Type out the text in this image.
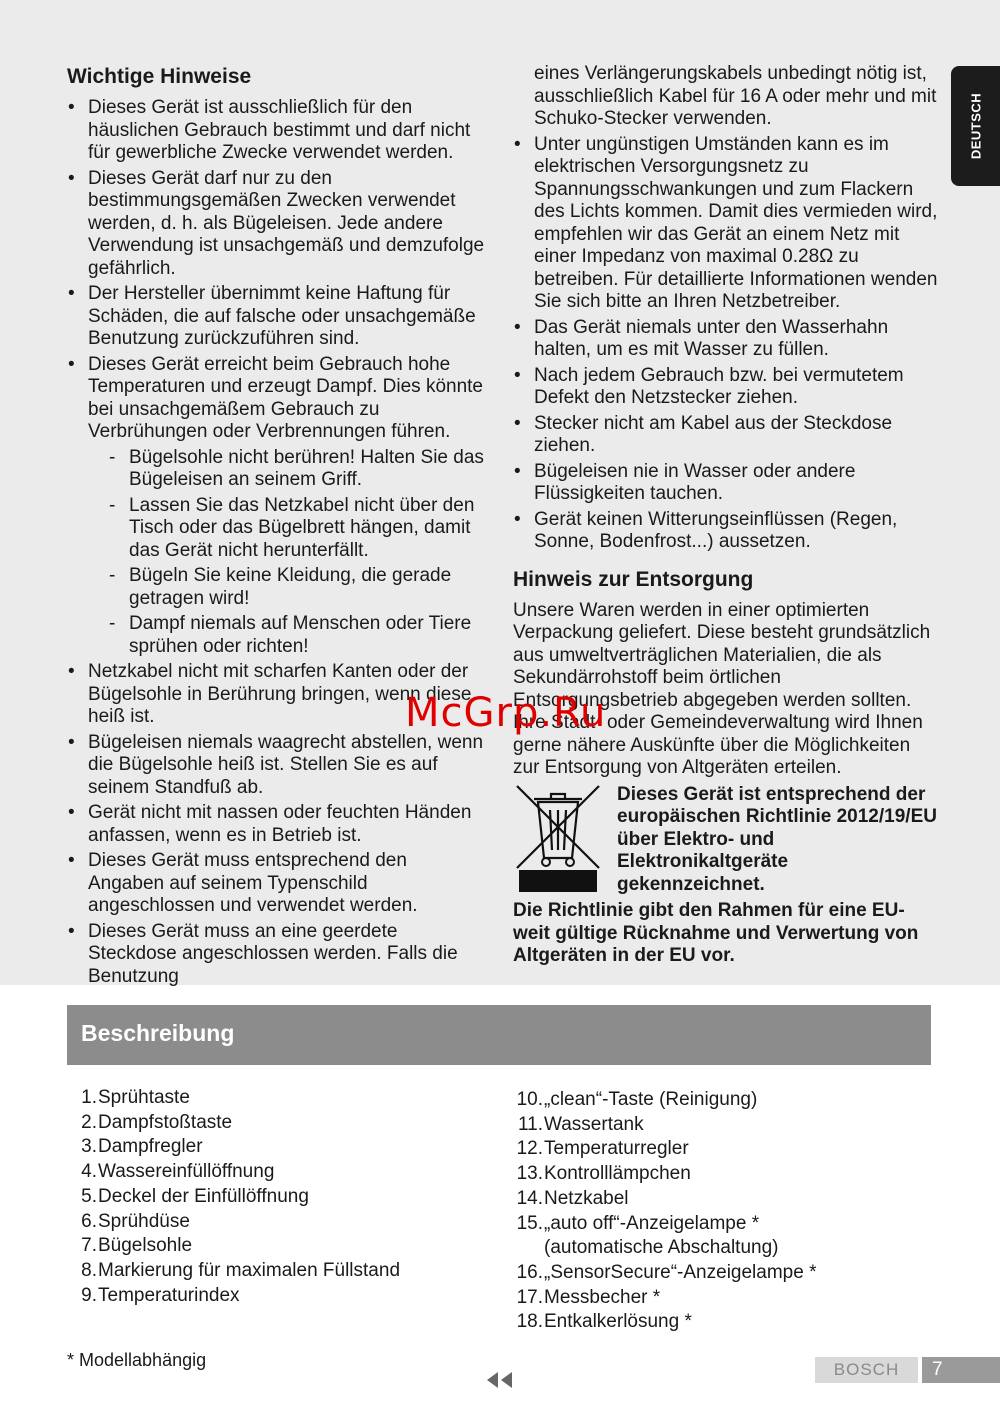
DEUTSCH
Wichtige Hinweise
• Dieses Gerät ist ausschließlich für den häuslichen Gebrauch bestimmt und darf nicht für gewerbliche Zwecke verwendet werden.
• Dieses Gerät darf nur zu den bestimmungsgemäßen Zwecken verwendet werden, d. h. als Bügeleisen. Jede andere Verwendung ist unsachgemäß und demzufolge gefährlich.
• Der Hersteller übernimmt keine Haftung für Schäden, die auf falsche oder unsachgemäße Benutzung zurückzuführen sind.
• Dieses Gerät erreicht beim Gebrauch hohe Temperaturen und erzeugt Dampf. Dies könnte bei unsachgemäßem Gebrauch zu Verbrühungen oder Verbrennungen führen.
- Bügelsohle nicht berühren! Halten Sie das Bügeleisen an seinem Griff.
- Lassen Sie das Netzkabel nicht über den Tisch oder das Bügelbrett hängen, damit das Gerät nicht herunterfällt.
- Bügeln Sie keine Kleidung, die gerade getragen wird!
- Dampf niemals auf Menschen oder Tiere sprühen oder richten!
• Netzkabel nicht mit scharfen Kanten oder der Bügelsohle in Berührung bringen, wenn diese heiß ist.
• Bügeleisen niemals waagrecht abstellen, wenn die Bügelsohle heiß ist. Stellen Sie es auf seinem Standfuß ab.
• Gerät nicht mit nassen oder feuchten Händen anfassen, wenn es in Betrieb ist.
• Dieses Gerät muss entsprechend den Angaben auf seinem Typenschild angeschlossen und verwendet werden.
• Dieses Gerät muss an eine geerdete Steckdose angeschlossen werden. Falls die Benutzung
eines Verlängerungskabels unbedingt nötig ist, ausschließlich Kabel für 16 A oder mehr und mit Schuko-Stecker verwenden.
• Unter ungünstigen Umständen kann es im elektrischen Versorgungsnetz zu Spannungsschwankungen und zum Flackern des Lichts kommen. Damit dies vermieden wird, empfehlen wir das Gerät an einem Netz mit einer Impedanz von maximal 0.28Ω zu betreiben. Für detaillierte Informationen wenden Sie sich bitte an Ihren Netzbetreiber.
• Das Gerät niemals unter den Wasserhahn halten, um es mit Wasser zu füllen.
• Nach jedem Gebrauch bzw. bei vermutetem Defekt den Netzstecker ziehen.
• Stecker nicht am Kabel aus der Steckdose ziehen.
• Bügeleisen nie in Wasser oder andere Flüssigkeiten tauchen.
• Gerät keinen Witterungseinflüssen (Regen, Sonne, Bodenfrost...) aussetzen.
Hinweis zur Entsorgung

Unsere Waren werden in einer optimierten Verpackung geliefert. Diese besteht grundsätzlich aus umweltverträglichen Materialien, die als Sekundärrohstoff beim örtlichen Entsorgungsbetrieb abgegeben werden sollten. Ihre Stadt- oder Gemeindeverwaltung wird Ihnen gerne nähere Auskünfte über die Möglichkeiten zur Entsorgung von Altgeräten erteilen.

Dieses Gerät ist entsprechend der europäischen Richtlinie 2012/19/EU über Elektro- und Elektronikaltgeräte gekennzeichnet.

Die Richtlinie gibt den Rahmen für eine EU-weit gültige Rücknahme und Verwertung von Altgeräten in der EU vor.

McGrp.Ru
Beschreibung
1. Sprühtaste
2. Dampfstoßtaste
3. Dampfregler
4. Wassereinfüllöffnung
5. Deckel der Einfüllöffnung
6. Sprühdüse
7. Bügelsohle
8. Markierung für maximalen Füllstand
9. Temperaturindex
10. „clean“-Taste (Reinigung)
11. Wassertank
12. Temperaturregler
13. Kontrolllämpchen
14. Netzkabel
15. „auto off“-Anzeigelampe *
(automatische Abschaltung)
16. „SensorSecure“-Anzeigelampe *
17. Messbecher *
18. Entkalkerlösung *
* Modellabhängig	BOSCH	7
